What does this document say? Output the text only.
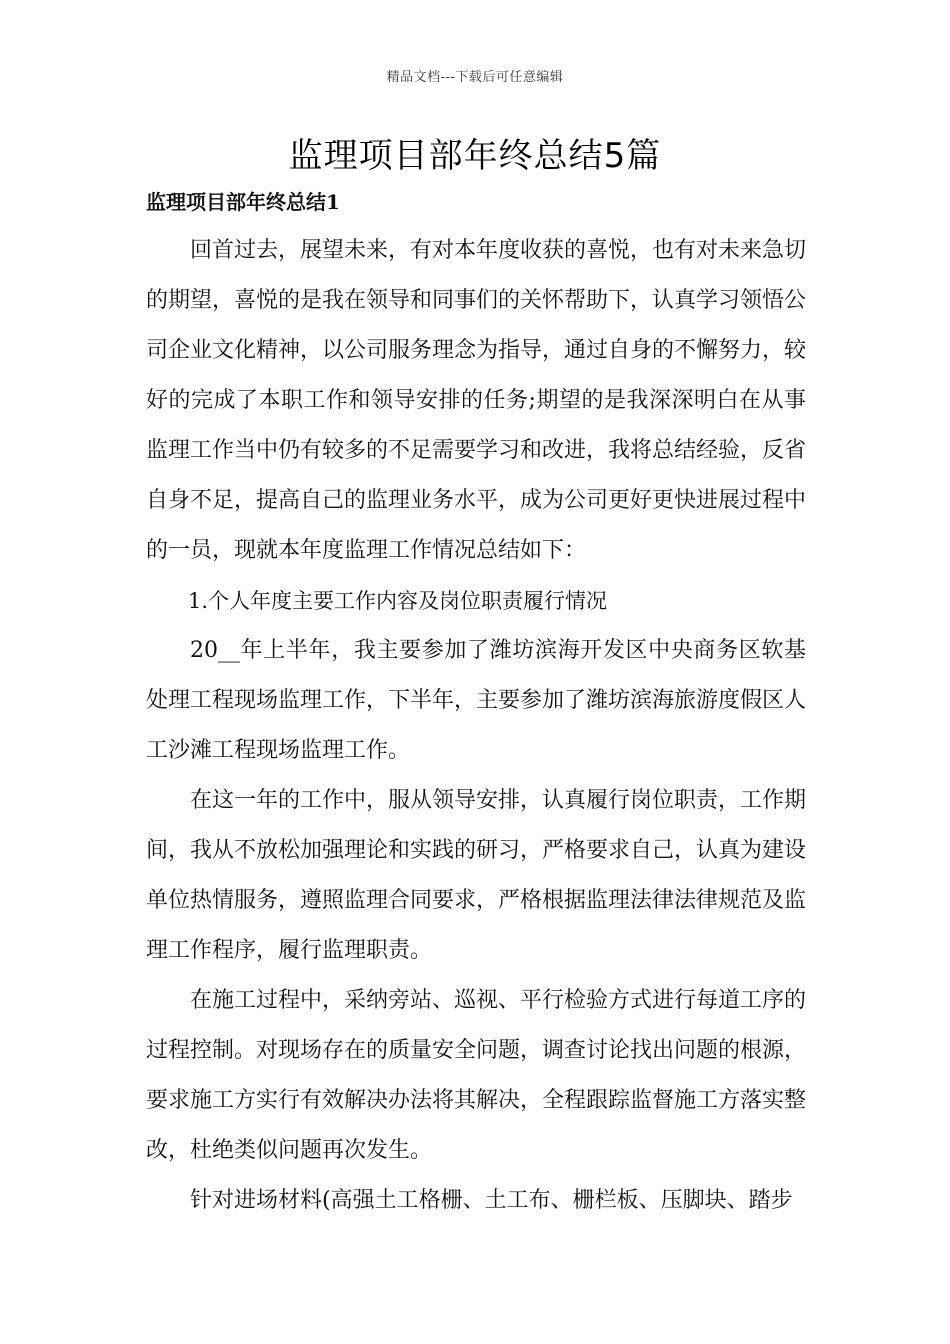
精品文档---下载后可任意编辑
监理项目部年终总结5篇
监理项目部年终总结1

回首过去，展望未来，有对本年度收获的喜悦，也有对未来急切的期望，喜悦的是我在领导和同事们的关怀帮助下，认真学习领悟公司企业文化精神，以公司服务理念为指导，通过自身的不懈努力，较好的完成了本职工作和领导安排的任务;期望的是我深深明白在从事监理工作当中仍有较多的不足需要学习和改进，我将总结经验，反省自身不足，提高自己的监理业务水平，成为公司更好更快进展过程中的一员，现就本年度监理工作情况总结如下：

1.个人年度主要工作内容及岗位职责履行情况

20__年上半年，我主要参加了潍坊滨海开发区中央商务区软基处理工程现场监理工作，下半年，主要参加了潍坊滨海旅游度假区人工沙滩工程现场监理工作。

在这一年的工作中，服从领导安排，认真履行岗位职责，工作期间，我从不放松加强理论和实践的研习，严格要求自己，认真为建设单位热情服务，遵照监理合同要求，严格根据监理法律法律规范及监理工作程序，履行监理职责。

在施工过程中，采纳旁站、巡视、平行检验方式进行每道工序的过程控制。对现场存在的质量安全问题，调查讨论找出问题的根源，要求施工方实行有效解决办法将其解决，全程跟踪监督施工方落实整改，杜绝类似问题再次发生。

针对进场材料(高强土工格栅、土工布、栅栏板、压脚块、踏步
